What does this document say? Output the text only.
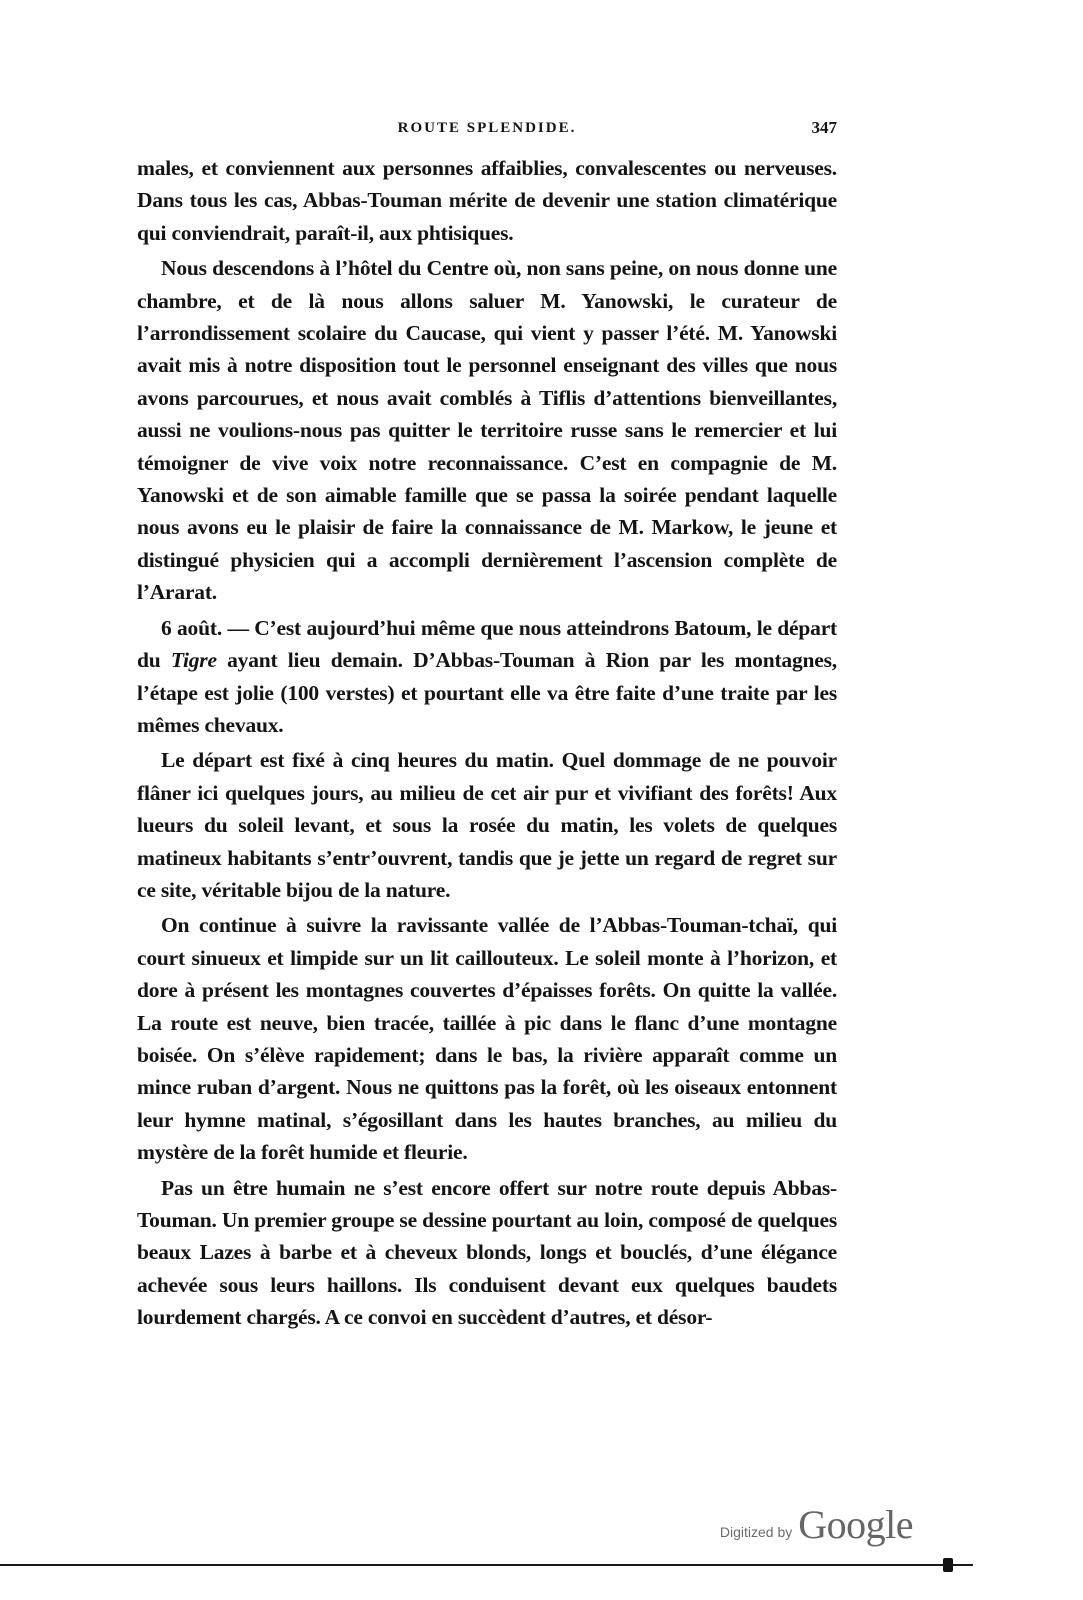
ROUTE SPLENDIDE.	347

males, et conviennent aux personnes affaiblies, convalescentes ou nerveuses. Dans tous les cas, Abbas-Touman mérite de devenir une station climatérique qui conviendrait, paraît-il, aux phtisiques.

Nous descendons à l’hôtel du Centre où, non sans peine, on nous donne une chambre, et de là nous allons saluer M. Yanowski, le curateur de l’arrondissement scolaire du Caucase, qui vient y passer l’été. M. Yanowski avait mis à notre disposition tout le personnel enseignant des villes que nous avons parcourues, et nous avait comblés à Tiflis d’attentions bienveillantes, aussi ne voulions-nous pas quitter le territoire russe sans le remercier et lui témoigner de vive voix notre reconnaissance. C’est en compagnie de M. Yanowski et de son aimable famille que se passa la soirée pendant laquelle nous avons eu le plaisir de faire la connaissance de M. Markow, le jeune et distingué physicien qui a accompli dernièrement l’ascension complète de l’Ararat.

6 août. — C’est aujourd’hui même que nous atteindrons Batoum, le départ du Tigre ayant lieu demain. D’Abbas-Touman à Rion par les montagnes, l’étape est jolie (100 verstes) et pourtant elle va être faite d’une traite par les mêmes chevaux.

Le départ est fixé à cinq heures du matin. Quel dommage de ne pouvoir flâner ici quelques jours, au milieu de cet air pur et vivifiant des forêts! Aux lueurs du soleil levant, et sous la rosée du matin, les volets de quelques matineux habitants s’entr’ouvrent, tandis que je jette un regard de regret sur ce site, véritable bijou de la nature.

On continue à suivre la ravissante vallée de l’Abbas-Touman-tchaï, qui court sinueux et limpide sur un lit caillouteux. Le soleil monte à l’horizon, et dore à présent les montagnes couvertes d’épaisses forêts. On quitte la vallée. La route est neuve, bien tracée, taillée à pic dans le flanc d’une montagne boisée. On s’élève rapidement; dans le bas, la rivière apparaît comme un mince ruban d’argent. Nous ne quittons pas la forêt, où les oiseaux entonnent leur hymne matinal, s’égosillant dans les hautes branches, au milieu du mystère de la forêt humide et fleurie.

Pas un être humain ne s’est encore offert sur notre route depuis Abbas-Touman. Un premier groupe se dessine pourtant au loin, composé de quelques beaux Lazes à barbe et à cheveux blonds, longs et bouclés, d’une élégance achevée sous leurs haillons. Ils conduisent devant eux quelques baudets lourdement chargés. A ce convoi en succèdent d’autres, et désor-

Digitized by Google
